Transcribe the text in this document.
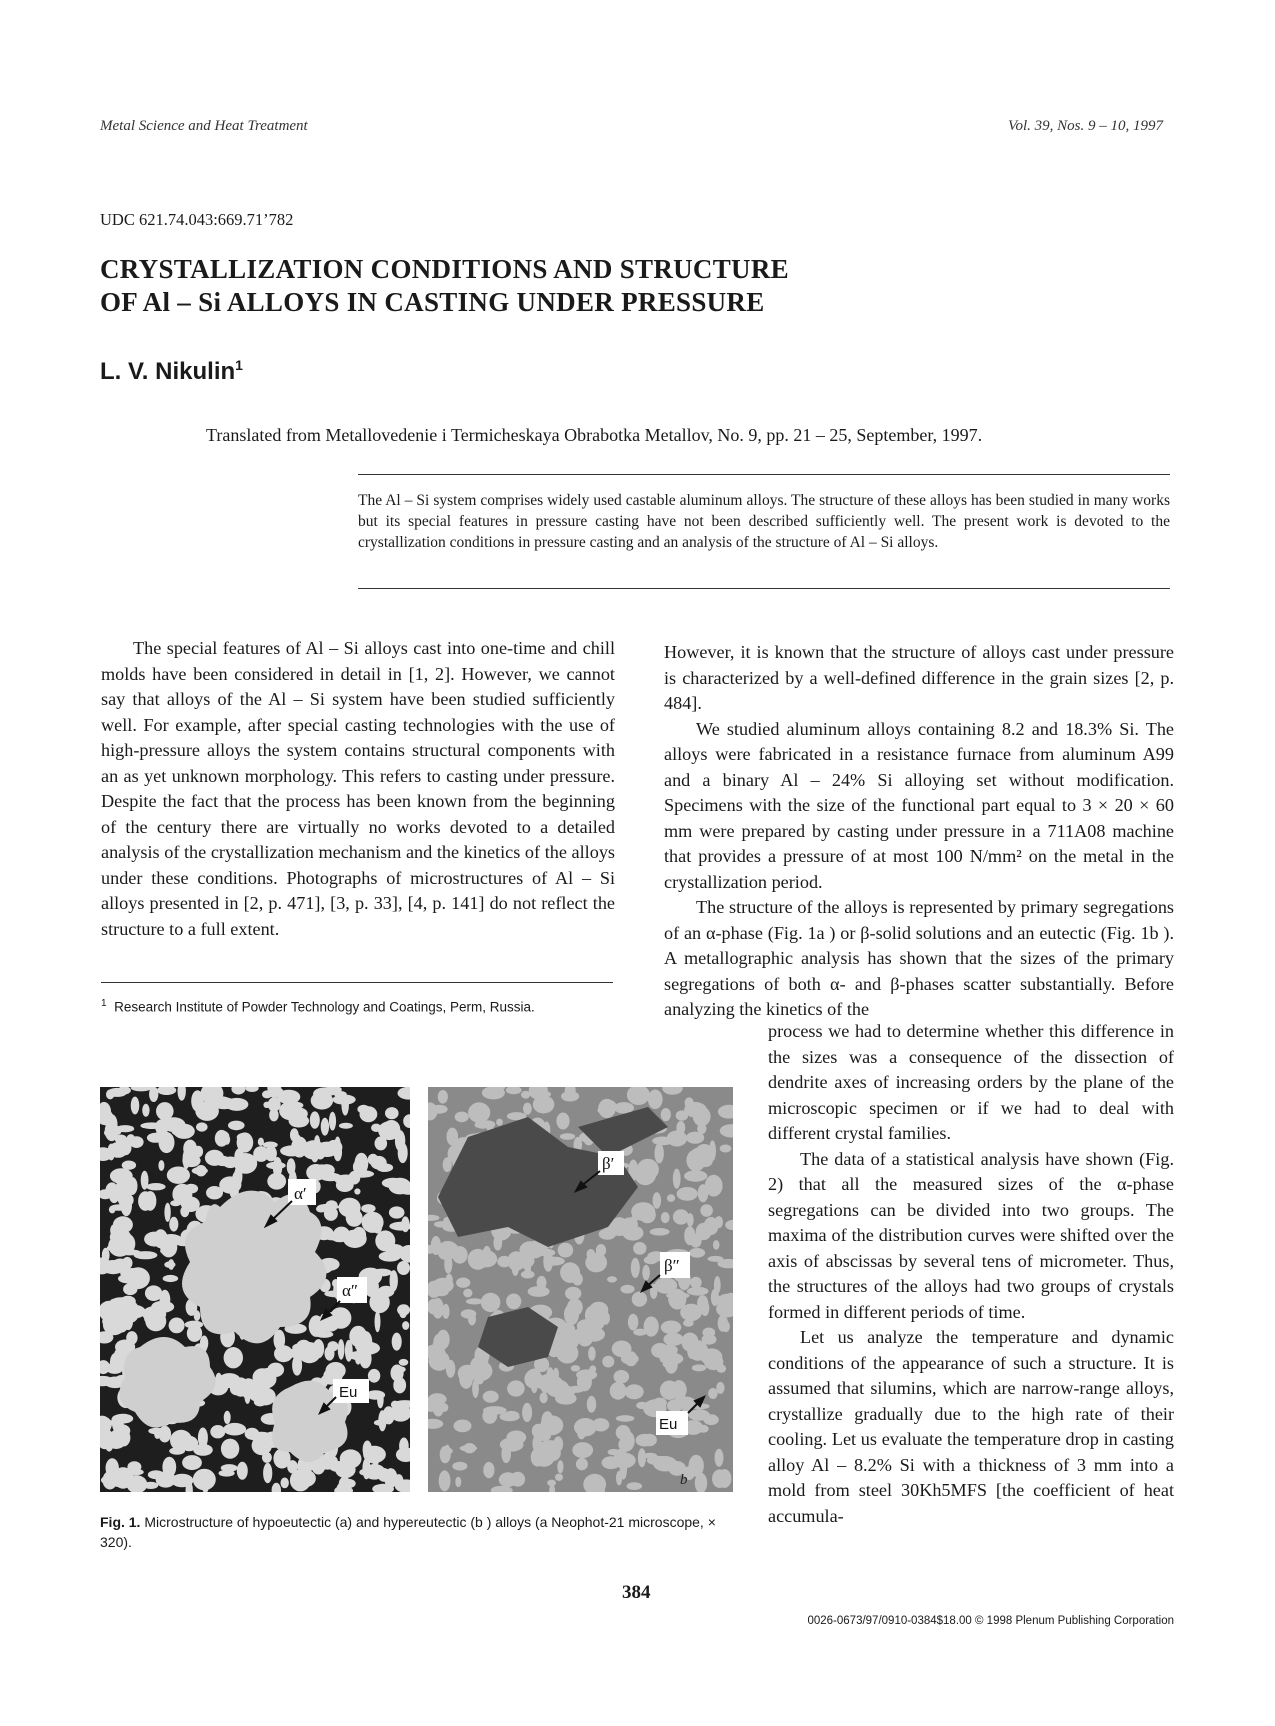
Metal Science and Heat Treatment	Vol. 39, Nos. 9 – 10, 1997
UDC 621.74.043:669.71’782
CRYSTALLIZATION CONDITIONS AND STRUCTURE
OF Al – Si ALLOYS IN CASTING UNDER PRESSURE
L. V. Nikulin$^1$
Translated from Metallovedenie i Termicheskaya Obrabotka Metallov, No. 9, pp. 21 – 25, September, 1997.
The Al – Si system comprises widely used castable aluminum alloys. The structure of these alloys has been studied in many works but its special features in pressure casting have not been described sufficiently well. The present work is devoted to the crystallization conditions in pressure casting and an analysis of the structure of Al – Si alloys.

The special features of Al – Si alloys cast into one-time and chill molds have been considered in detail in [1, 2]. However, we cannot say that alloys of the Al – Si system have been studied sufficiently well. For example, after special casting technologies with the use of high-pressure alloys the system contains structural components with an as yet unknown morphology. This refers to casting under pressure. Despite the fact that the process has been known from the beginning of the century there are virtually no works devoted to a detailed analysis of the crystallization mechanism and the kinetics of the alloys under these conditions. Photographs of microstructures of Al – Si alloys presented in [2, p. 471], [3, p. 33], [4, p. 141] do not reflect the structure to a full extent.

$^1$ Research Institute of Powder Technology and Coatings, Perm, Russia.

However, it is known that the structure of alloys cast under pressure is characterized by a well-defined difference in the grain sizes [2, p. 484].

We studied aluminum alloys containing 8.2 and 18.3% Si. The alloys were fabricated in a resistance furnace from aluminum A99 and a binary Al – 24% Si alloying set without modification. Specimens with the size of the functional part equal to 3 × 20 × 60 mm were prepared by casting under pressure in a 711A08 machine that provides a pressure of at most 100 N/mm² on the metal in the crystallization period.

The structure of the alloys is represented by primary segregations of an α-phase (Fig. 1a ) or β-solid solutions and an eutectic (Fig. 1b ). A metallographic analysis has shown that the sizes of the primary segregations of both α- and β-phases scatter substantially. Before analyzing the kinetics of the

process we had to determine whether this difference in the sizes was a consequence of the dissection of dendrite axes of increasing orders by the plane of the microscopic specimen or if we had to deal with different crystal families.

The data of a statistical analysis have shown (Fig. 2) that all the measured sizes of the α-phase segregations can be divided into two groups. The maxima of the distribution curves were shifted over the axis of abscissas by several tens of micrometer. Thus, the structures of the alloys had two groups of crystals formed in different periods of time.

Let us analyze the temperature and dynamic conditions of the appearance of such a structure. It is assumed that silumins, which are narrow-range alloys, crystallize gradually due to the high rate of their cooling. Let us evaluate the temperature drop in casting alloy Al – 8.2% Si with a thickness of 3 mm into a mold from steel 30Kh5MFS [the coefficient of heat accumula-

α′
α″
Eu
a
β′
β″
Eu
b
Fig. 1. Microstructure of hypoeutectic (a) and hypereutectic (b ) alloys (a Neophot-21 microscope, × 320).
384
0026-0673/97/0910-0384$18.00 © 1998 Plenum Publishing Corporation
